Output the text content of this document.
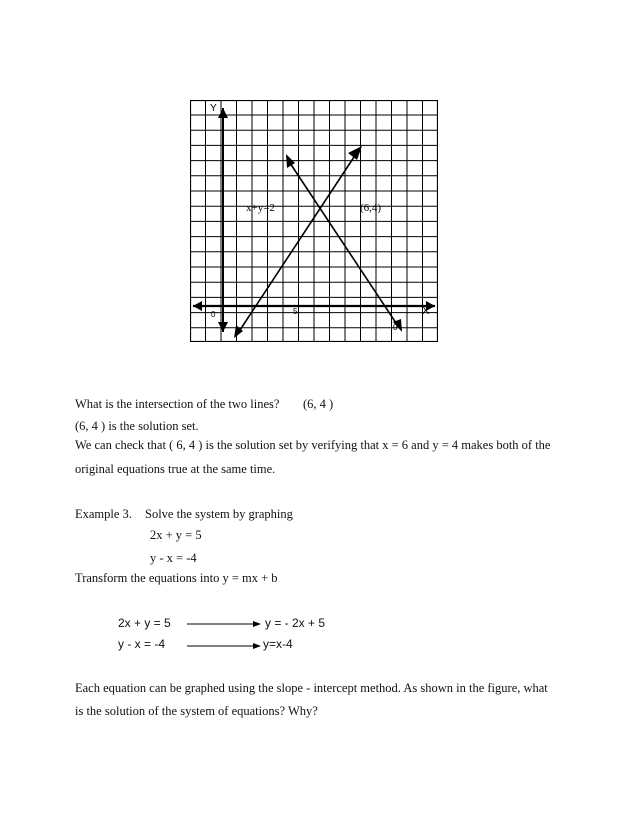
Y
X
0	5
0
x+y=2	(6,4)
What is the intersection of the two lines? (6, 4 )
(6, 4 ) is the solution set.
We can check that ( 6, 4 ) is the solution set by verifying that x = 6 and y = 4 makes both of the
original equations true at the same time.
Example 3. Solve the system by graphing
2x + y = 5
y - x = -4
Transform the equations into y = mx + b
2x + y = 5	y = - 2x + 5
y - x = -4	y=x-4
Each equation can be graphed using the slope - intercept method. As shown in the figure, what
is the solution of the system of equations? Why?
